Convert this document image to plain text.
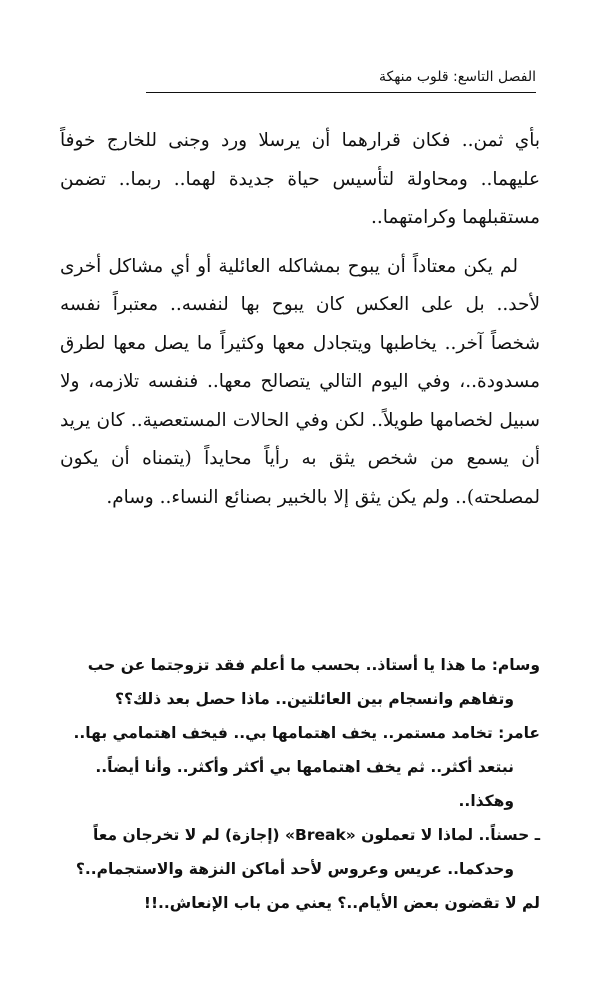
الفصل التاسع: قلوب منهكة

بأي ثمن.. فكان قرارهما أن يرسلا ورد وجنى للخارج خوفاً عليهما.. ومحاولة لتأسيس حياة جديدة لهما.. ربما.. تضمن مستقبلهما وكرامتهما..

لم يكن معتاداً أن يبوح بمشاكله العائلية أو أي مشاكل أخرى لأحد.. بل على العكس كان يبوح بها لنفسه.. معتبراً نفسه شخصاً آخر.. يخاطبها ويتجادل معها وكثيراً ما يصل معها لطرق مسدودة..، وفي اليوم التالي يتصالح معها.. فنفسه تلازمه، ولا سبيل لخصامها طويلاً.. لكن وفي الحالات المستعصية.. كان يريد أن يسمع من شخص يثق به رأياً محايداً (يتمناه أن يكون لمصلحته).. ولم يكن يثق إلا بالخبير بصنائع النساء.. وسام.

وسام: ما هذا يا أستاذ.. بحسب ما أعلم فقد تزوجتما عن حب
وتفاهم وانسجام بين العائلتين.. ماذا حصل بعد ذلك؟؟
عامر: تخامد مستمر.. يخف اهتمامها بي.. فيخف اهتمامي بها..
نبتعد أكثر.. ثم يخف اهتمامها بي أكثر وأكثر.. وأنا أيضاً..
وهكذا..
ـ حسناً.. لماذا لا تعملون «Break» (إجازة) لم لا تخرجان معاً
وحدكما.. عريس وعروس لأحد أماكن النزهة والاستجمام..؟
لم لا تقضون بعض الأيام..؟ يعني من باب الإنعاش..!!
